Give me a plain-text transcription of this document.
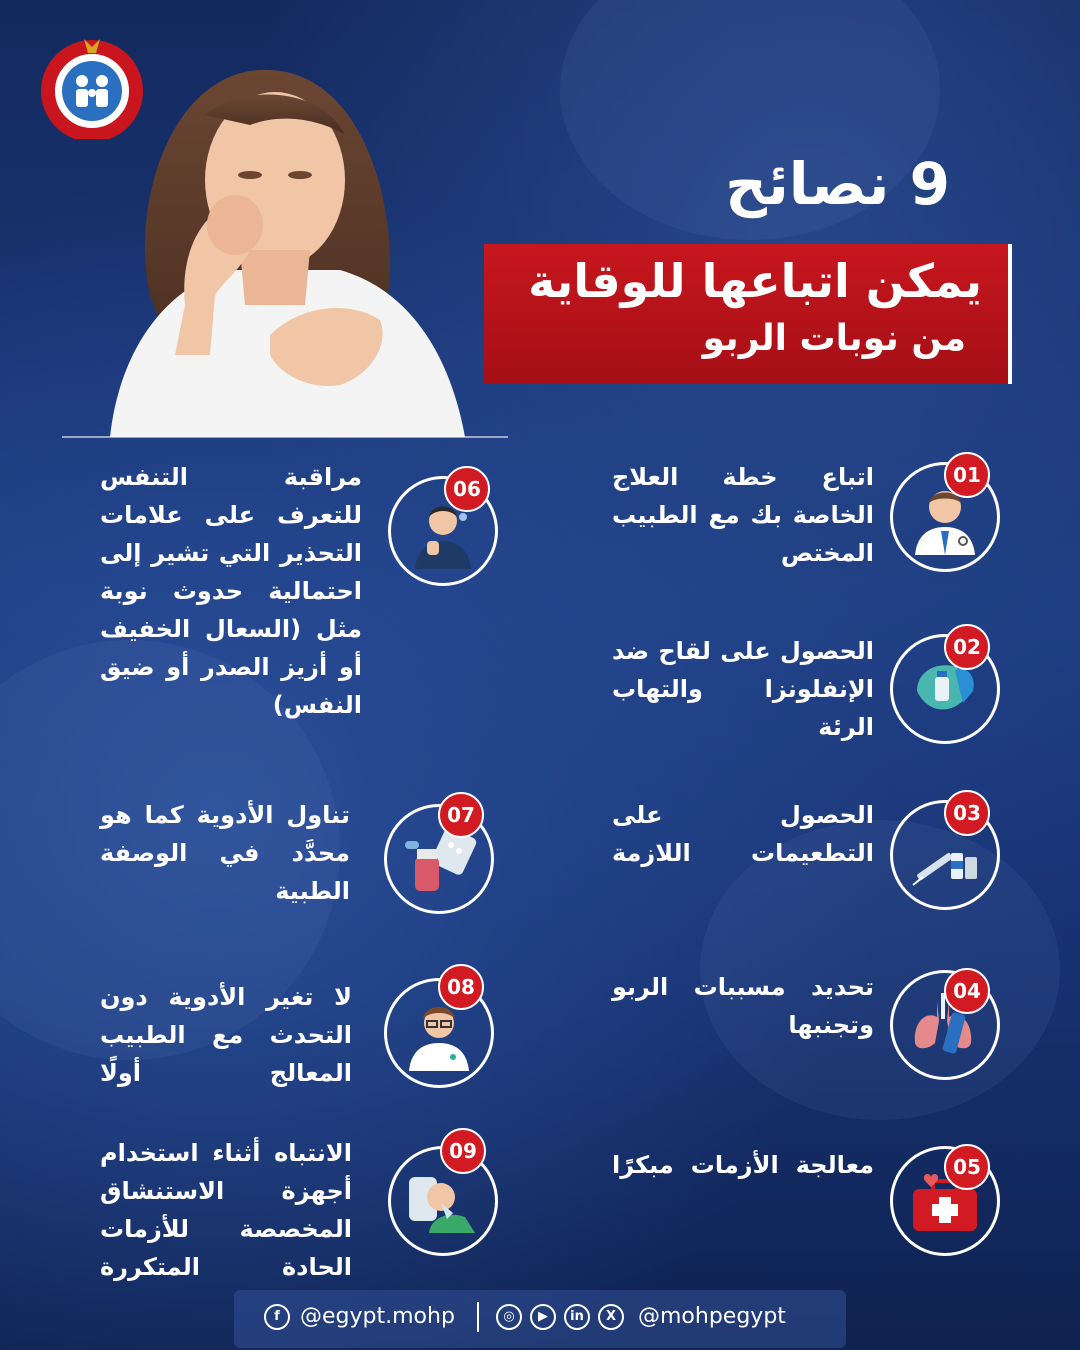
9 نصائح
يمكن اتباعها للوقاية
من نوبات الربو
01
اتباع خطة العلاج الخاصة بك مع الطبيب المختص
02
الحصول على لقاح ضد الإنفلونزا والتهاب الرئة
03
الحصول على التطعيمات اللازمة
04
تحديد مسببات الربو وتجنبها
05
معالجة الأزمات مبكرًا
06
مراقبة التنفس للتعرف على علامات التحذير التي تشير إلى احتمالية حدوث نوبة مثل (السعال الخفيف أو أزيز الصدر أو ضيق النفس)
07
تناول الأدوية كما هو محدَّد في الوصفة الطبية
08
لا تغير الأدوية دون التحدث مع الطبيب المعالج أولًا
09
الانتباه أثناء استخدام أجهزة الاستنشاق المخصصة للأزمات الحادة المتكررة
f @egypt.mohp	◎	▶	in	X @mohpegypt
